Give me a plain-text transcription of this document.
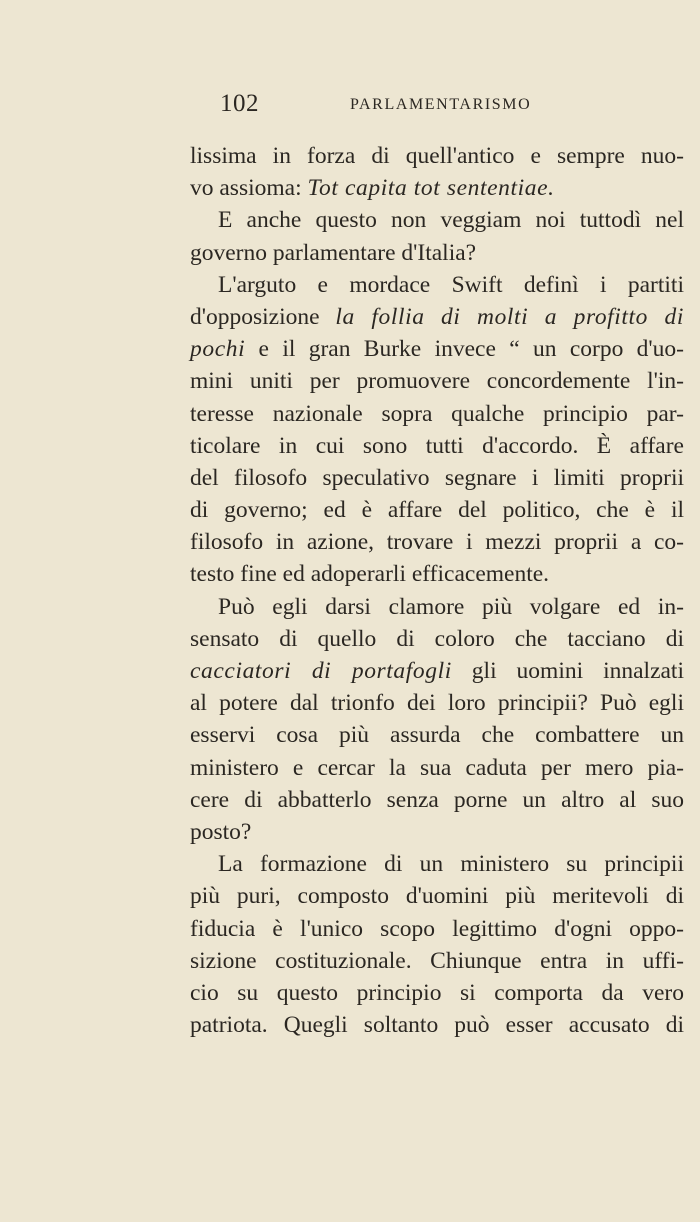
102	PARLAMENTARISMO
lissima in forza di quell'antico e sempre nuo-
vo assioma: Tot capita tot sententiae.
E anche questo non veggiam noi tuttodì nel
governo parlamentare d'Italia?
L'arguto e mordace Swift definì i partiti
d'opposizione la follia di molti a profitto di
pochi e il gran Burke invece “ un corpo d'uo-
mini uniti per promuovere concordemente l'in-
teresse nazionale sopra qualche principio par-
ticolare in cui sono tutti d'accordo. È affare
del filosofo speculativo segnare i limiti proprii
di governo; ed è affare del politico, che è il
filosofo in azione, trovare i mezzi proprii a co-
testo fine ed adoperarli efficacemente.
Può egli darsi clamore più volgare ed in-
sensato di quello di coloro che tacciano di
cacciatori di portafogli gli uomini innalzati
al potere dal trionfo dei loro principii? Può egli
esservi cosa più assurda che combattere un
ministero e cercar la sua caduta per mero pia-
cere di abbatterlo senza porne un altro al suo
posto?
La formazione di un ministero su principii
più puri, composto d'uomini più meritevoli di
fiducia è l'unico scopo legittimo d'ogni oppo-
sizione costituzionale. Chiunque entra in uffi-
cio su questo principio si comporta da vero
patriota. Quegli soltanto può esser accusato di
